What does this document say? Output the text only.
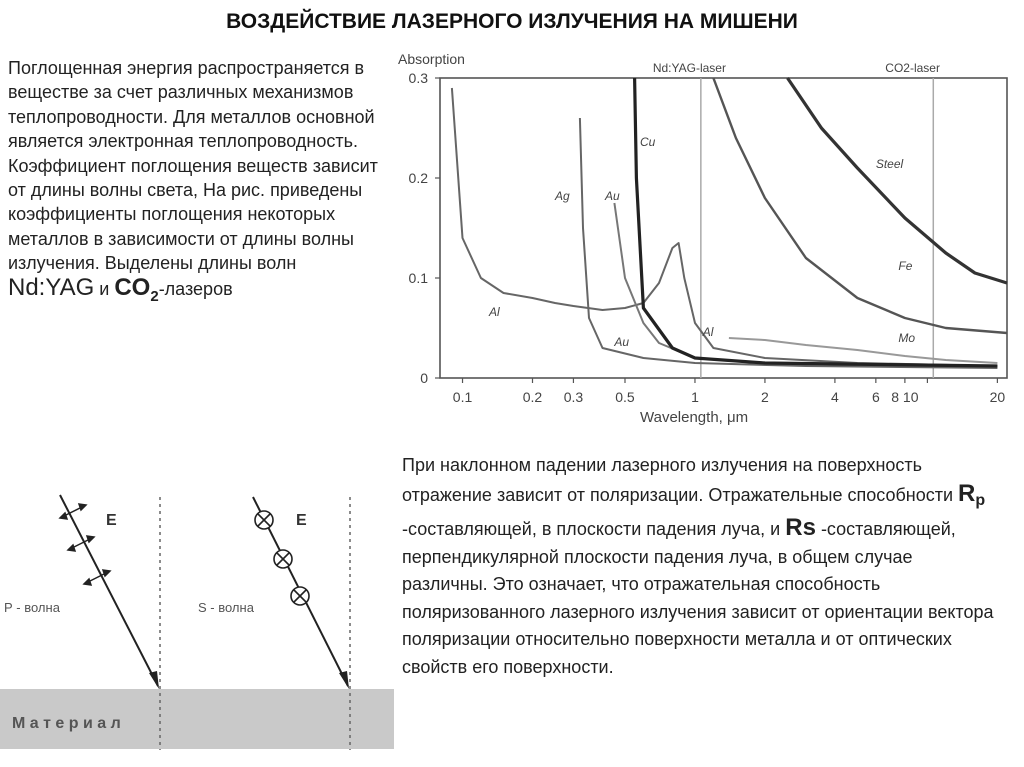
ВОЗДЕЙСТВИЕ ЛАЗЕРНОГО ИЗЛУЧЕНИЯ НА МИШЕНИ
Поглощенная энергия распространяется в веществе за счет различных механизмов теплопроводности. Для металлов основной является электронная теплопроводность. Коэффициент поглощения веществ зависит от длины волны света, На рис. приведены коэффициенты поглощения некоторых металлов в зависимости от длины волны излучения. Выделены длины волн Nd:YAG и $CO_2$-лазеров
При наклонном падении лазерного излучения на поверхность отражение зависит от поляризации. Отражательные способности Rp -составляющей, в плоскости падения луча, и Rs -составляющей, перпендикулярной плоскости падения луча, в общем случае различны. Это означает, что отражательная способность поляризованного лазерного излучения зависит от ориентации вектора поляризации относительно поверхности металла и от оптических свойств его поверхности.
Absorption
Wavelength, μm
0
0.1
0.2
0.3
0.1	0.2 0.3 0.5	1	2	4 6 8 10	20
Nd:YAG-laser	CO2-laser
Al
Ag	Au
Cu
Steel
Fe
Mo
Au
Al
М а т е р и а л
E
Р - волна
E
S - волна
